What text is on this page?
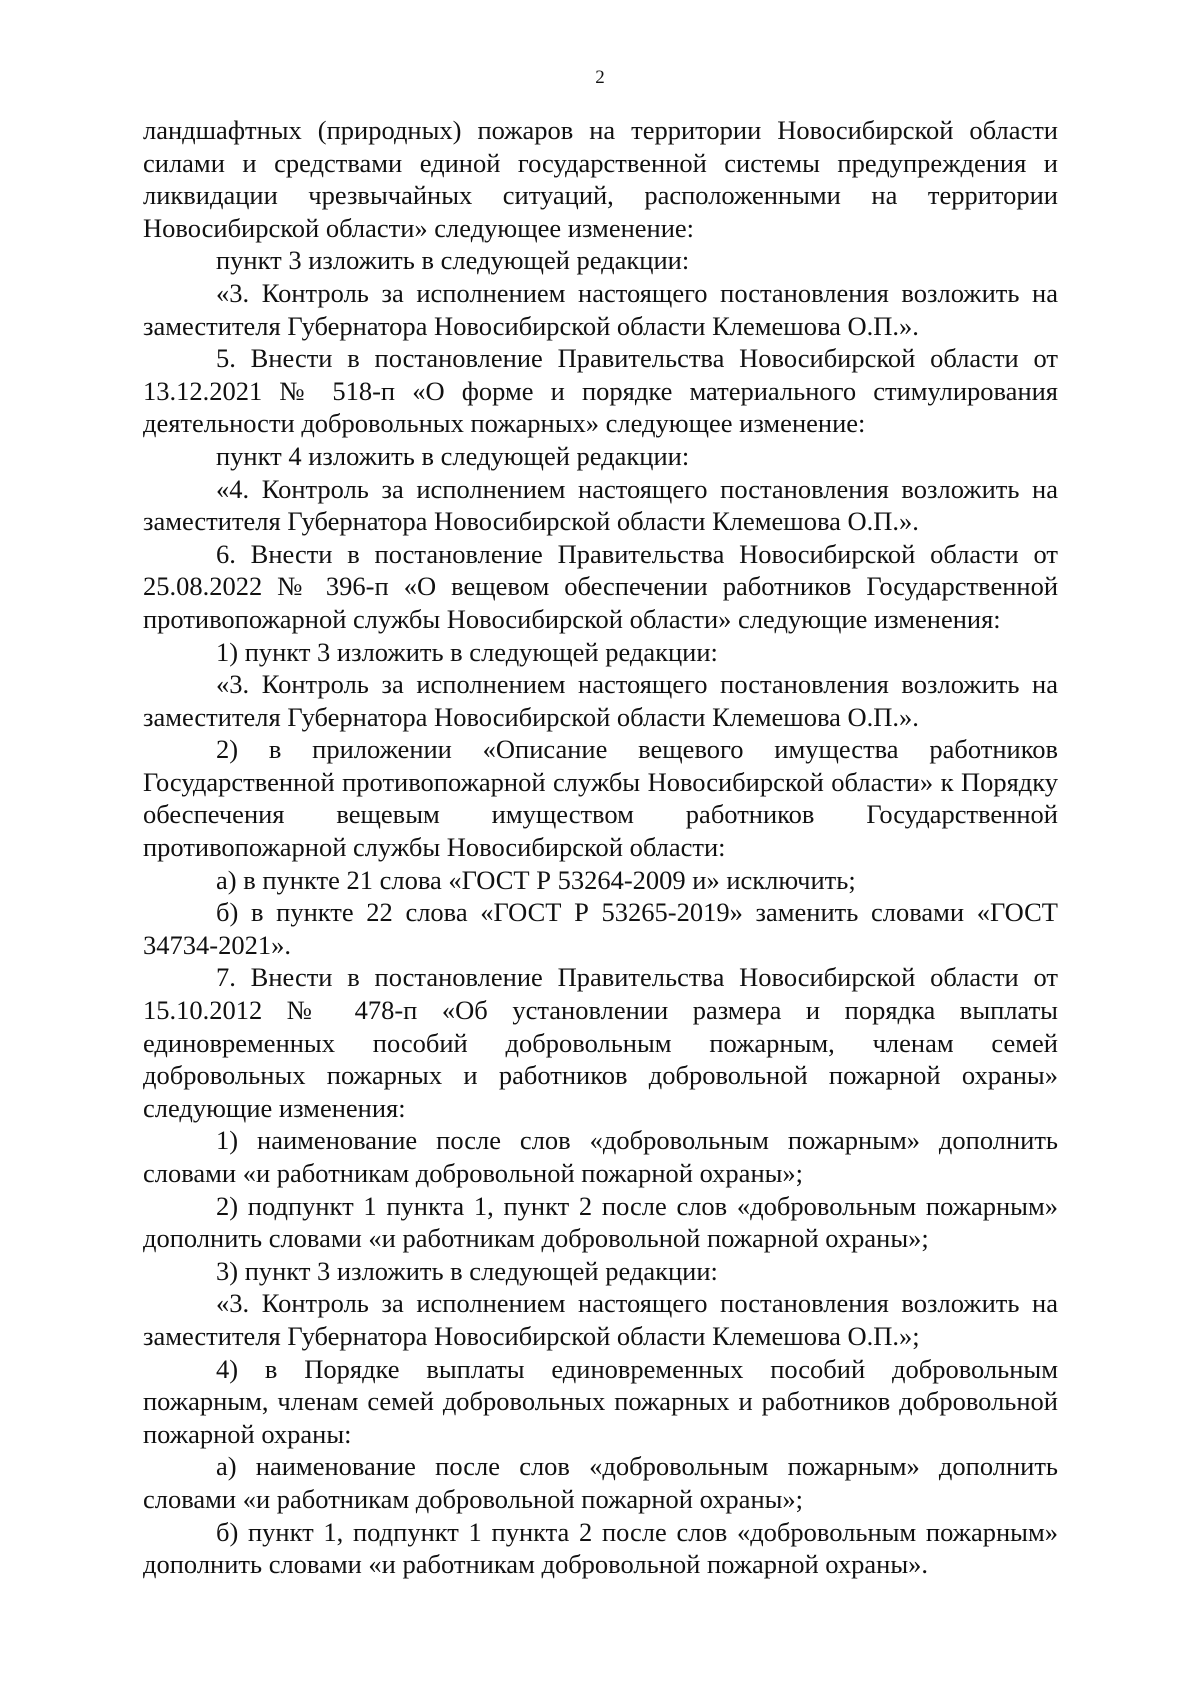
2

ландшафтных (природных) пожаров на территории Новосибирской области силами и средствами единой государственной системы предупреждения и ликвидации чрезвычайных ситуаций, расположенными на территории Новосибирской области» следующее изменение:

пункт 3 изложить в следующей редакции:

«3. Контроль за исполнением настоящего постановления возложить на заместителя Губернатора Новосибирской области Клемешова О.П.».

5. Внести в постановление Правительства Новосибирской области от 13.12.2021 № 518-п «О форме и порядке материального стимулирования деятельности добровольных пожарных» следующее изменение:

пункт 4 изложить в следующей редакции:

«4. Контроль за исполнением настоящего постановления возложить на заместителя Губернатора Новосибирской области Клемешова О.П.».

6. Внести в постановление Правительства Новосибирской области от 25.08.2022 № 396-п «О вещевом обеспечении работников Государственной противопожарной службы Новосибирской области» следующие изменения:

1) пункт 3 изложить в следующей редакции:

«3. Контроль за исполнением настоящего постановления возложить на заместителя Губернатора Новосибирской области Клемешова О.П.».

2) в приложении «Описание вещевого имущества работников Государственной противопожарной службы Новосибирской области» к Порядку обеспечения вещевым имуществом работников Государственной противопожарной службы Новосибирской области:

а) в пункте 21 слова «ГОСТ Р 53264-2009 и» исключить;

б) в пункте 22 слова «ГОСТ Р 53265-2019» заменить словами «ГОСТ 34734-2021».

7. Внести в постановление Правительства Новосибирской области от 15.10.2012 № 478-п «Об установлении размера и порядка выплаты единовременных пособий добровольным пожарным, членам семей добровольных пожарных и работников добровольной пожарной охраны» следующие изменения:

1) наименование после слов «добровольным пожарным» дополнить словами «и работникам добровольной пожарной охраны»;

2) подпункт 1 пункта 1, пункт 2 после слов «добровольным пожарным» дополнить словами «и работникам добровольной пожарной охраны»;

3) пункт 3 изложить в следующей редакции:

«3. Контроль за исполнением настоящего постановления возложить на заместителя Губернатора Новосибирской области Клемешова О.П.»;

4) в Порядке выплаты единовременных пособий добровольным пожарным, членам семей добровольных пожарных и работников добровольной пожарной охраны:

а) наименование после слов «добровольным пожарным» дополнить словами «и работникам добровольной пожарной охраны»;

б) пункт 1, подпункт 1 пункта 2 после слов «добровольным пожарным» дополнить словами «и работникам добровольной пожарной охраны».
